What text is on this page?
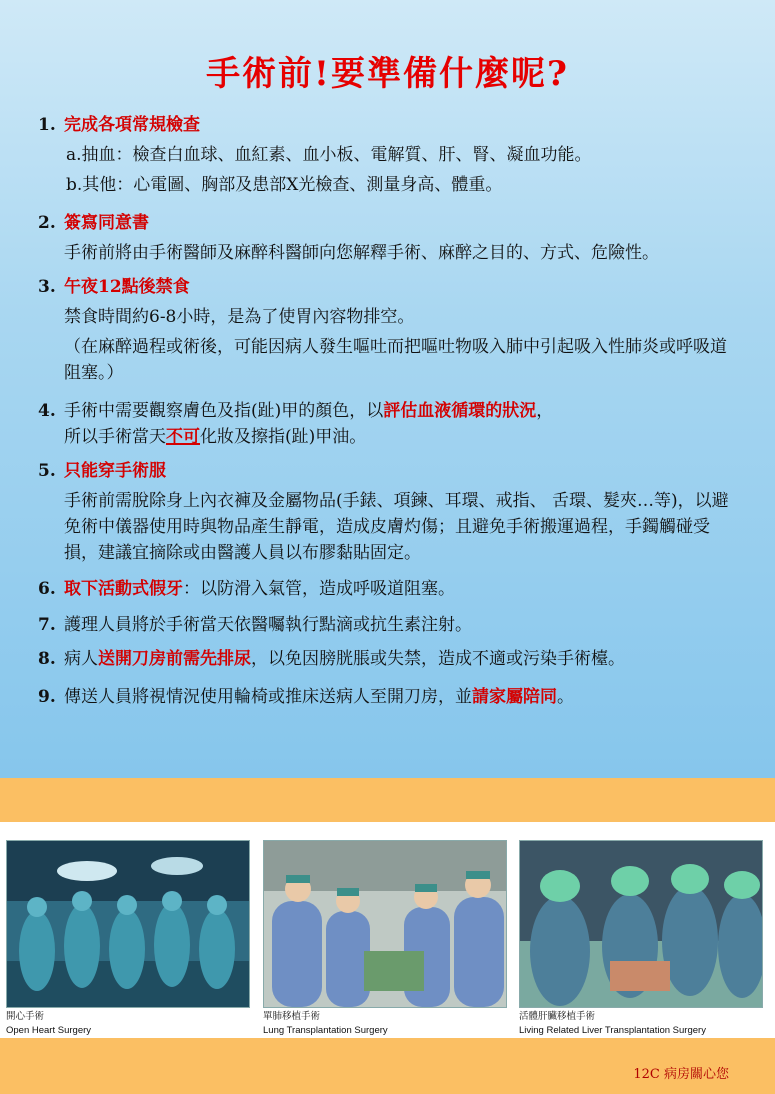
手術前!要準備什麼呢?
1. 完成各項常規檢查
a.抽血：檢查白血球、血紅素、血小板、電解質、肝、腎、凝血功能。
b.其他：心電圖、胸部及患部X光檢查、測量身高、體重。
2. 簽寫同意書
手術前將由手術醫師及麻醉科醫師向您解釋手術、麻醉之目的、方式、危險性。
3. 午夜12點後禁食
禁食時間約6-8小時，是為了使胃內容物排空。
（在麻醉過程或術後，可能因病人發生嘔吐而把嘔吐物吸入肺中引起吸入性肺炎或呼吸道阻塞。）
4. 手術中需要觀察膚色及指(趾)甲的顏色，以評估血液循環的狀況，
所以手術當天不可化妝及擦指(趾)甲油。
5. 只能穿手術服
手術前需脫除身上內衣褲及金屬物品(手錶、項鍊、耳環、戒指、 舌環、髮夾…等)，以避免術中儀器使用時與物品產生靜電，造成皮膚灼傷；且避免手術搬運過程，手鐲觸碰受損，建議宜摘除或由醫護人員以布膠黏貼固定。
6. 取下活動式假牙：以防滑入氣管，造成呼吸道阻塞。
7. 護理人員將於手術當天依醫囑執行點滴或抗生素注射。
8. 病人送開刀房前需先排尿，以免因膀胱脹或失禁，造成不適或污染手術檯。
9. 傳送人員將視情況使用輪椅或推床送病人至開刀房，並請家屬陪同。
開心手術
Open Heart Surgery
單肺移植手術
Lung Transplantation Surgery
活體肝臟移植手術
Living Related Liver Transplantation Surgery
12C 病房關心您
